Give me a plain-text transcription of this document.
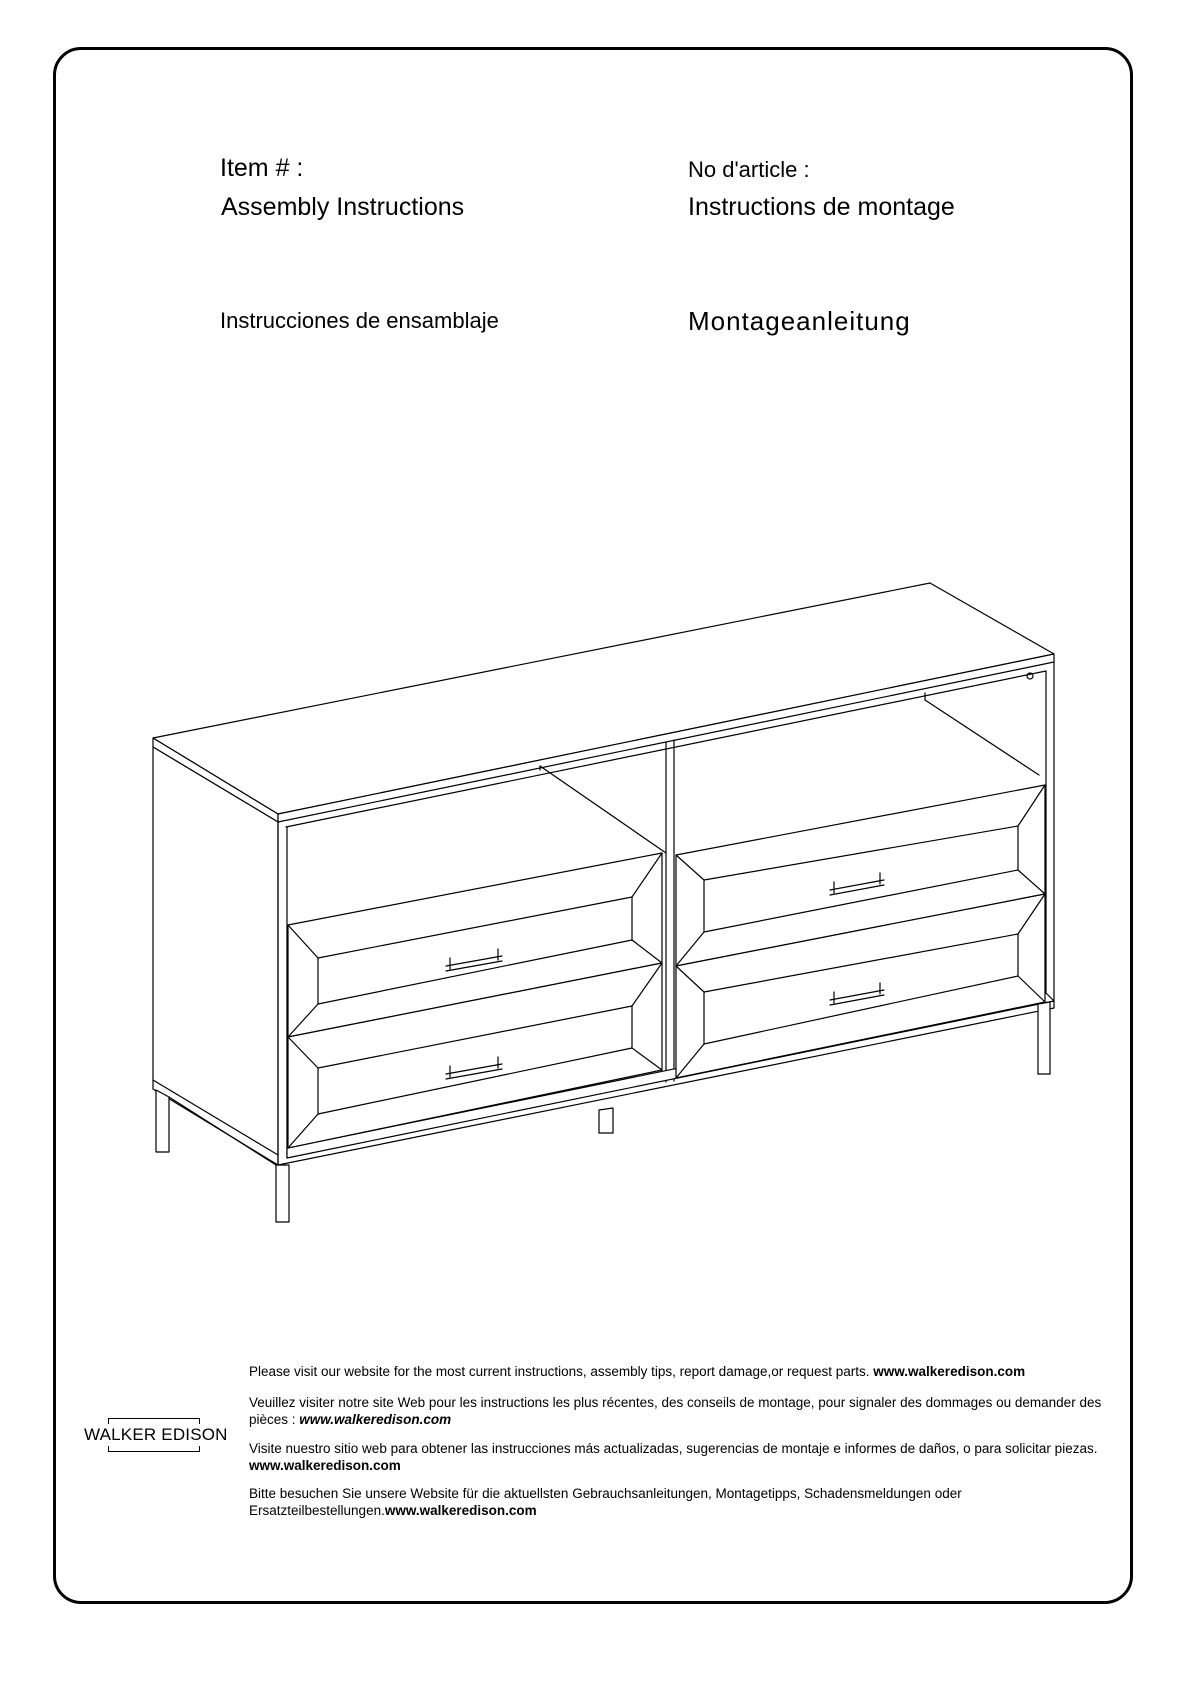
Item # :
Assembly Instructions
No d'article :
Instructions de montage
Instrucciones de ensamblaje	Montageanleitung
Please visit our website for the most current instructions, assembly tips, report damage,or request parts. www.walkeredison.com
Veuillez visiter notre site Web pour les instructions les plus récentes, des conseils de montage, pour signaler des dommages ou demander des pièces : www.walkeredison.com
Visite nuestro sitio web para obtener las instrucciones más actualizadas, sugerencias de montaje e informes de daños, o para solicitar piezas. www.walkeredison.com
Bitte besuchen Sie unsere Website für die aktuellsten Gebrauchsanleitungen, Montagetipps, Schadensmeldungen oder Ersatzteilbestellungen.www.walkeredison.com
WALKER EDISON
